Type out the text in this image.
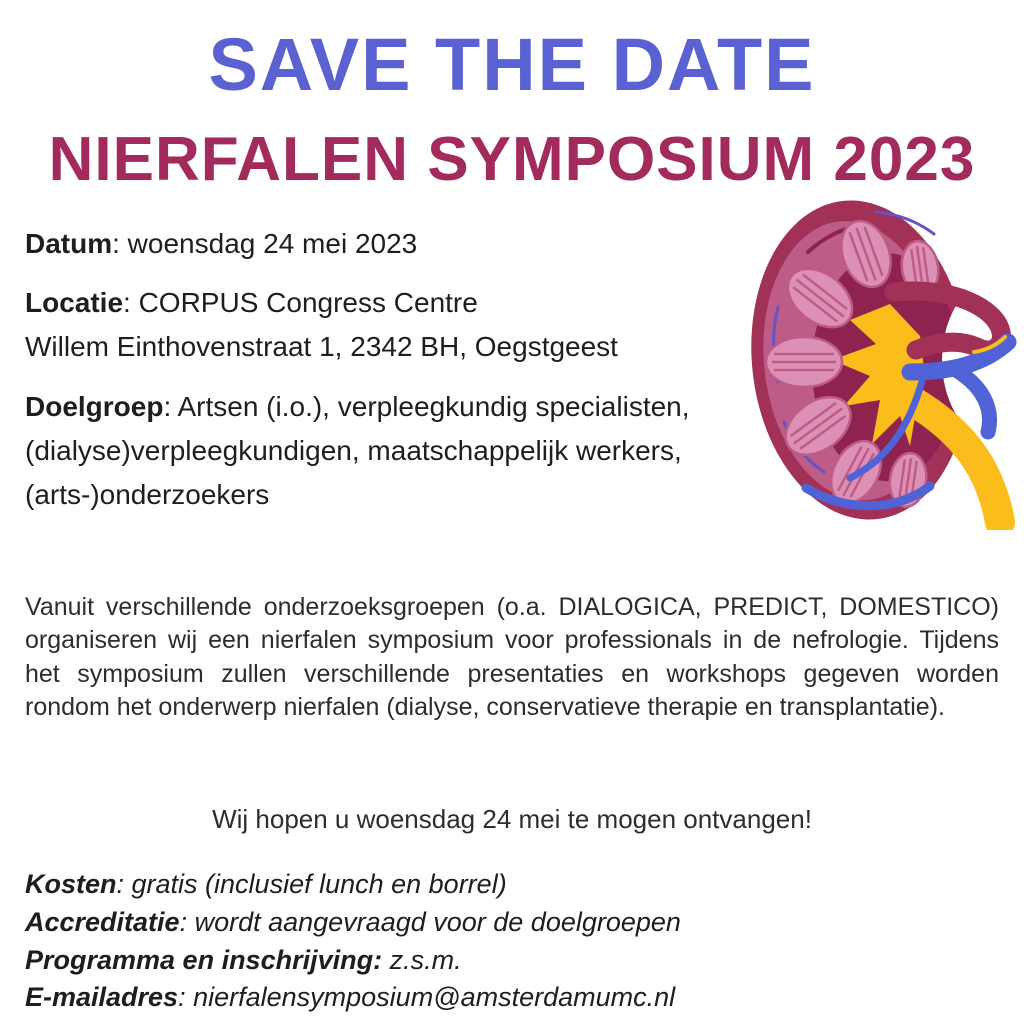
SAVE THE DATE
NIERFALEN SYMPOSIUM 2023

Datum: woensdag 24 mei 2023

Locatie: CORPUS Congress Centre
Willem Einthovenstraat 1, 2342 BH, Oegstgeest

Doelgroep: Artsen (i.o.), verpleegkundig specialisten, (dialyse)verpleegkundigen, maatschappelijk werkers, (arts-)onderzoekers

Vanuit verschillende onderzoeksgroepen (o.a. DIALOGICA, PREDICT, DOMESTICO) organiseren wij een nierfalen symposium voor professionals in de nefrologie. Tijdens het symposium zullen verschillende presentaties en workshops gegeven worden rondom het onderwerp nierfalen (dialyse, conservatieve therapie en transplantatie).

Wij hopen u woensdag 24 mei te mogen ontvangen!

Kosten: gratis (inclusief lunch en borrel)

Accreditatie: wordt aangevraagd voor de doelgroepen

Programma en inschrijving: z.s.m.

E-mailadres: nierfalensymposium@amsterdamumc.nl
